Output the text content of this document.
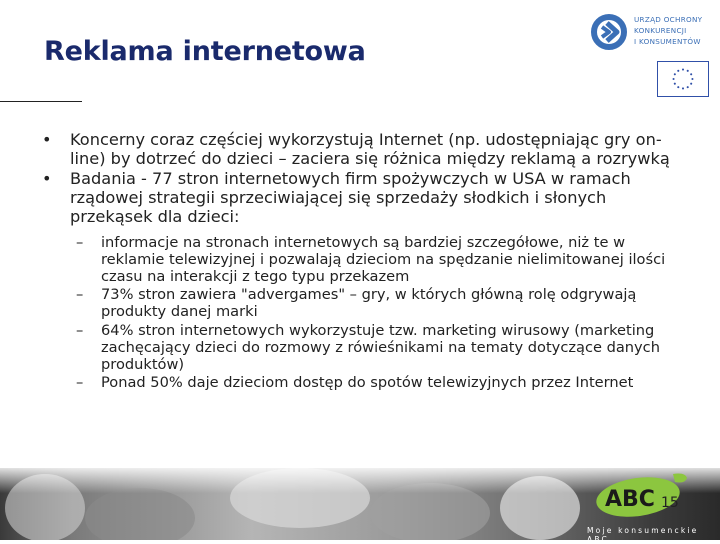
Reklama internetowa
URZĄD OCHRONY
KONKURENCJI
I KONSUMENTÓW
• Koncerny coraz częściej wykorzystują Internet (np. udostępniając gry on-line) by dotrzeć do dzieci – zaciera się różnica między reklamą a rozrywką
• Badania - 77 stron internetowych firm spożywczych w USA w ramach rządowej strategii sprzeciwiającej się sprzedaży słodkich i słonych przekąsek dla dzieci:
– informacje na stronach internetowych są bardziej szczegółowe, niż te w reklamie telewizyjnej i pozwalają dzieciom na spędzanie nielimitowanej ilości czasu na interakcji z tego typu przekazem
– 73% stron zawiera "advergames" – gry, w których główną rolę odgrywają produkty danej marki
– 64% stron internetowych wykorzystuje tzw. marketing wirusowy (marketing zachęcający dzieci do rozmowy z rówieśnikami na tematy dotyczące danych produktów)
– Ponad 50% daje dzieciom dostęp do spotów telewizyjnych przez Internet
ABC 15
Moje konsumenckie ABC
